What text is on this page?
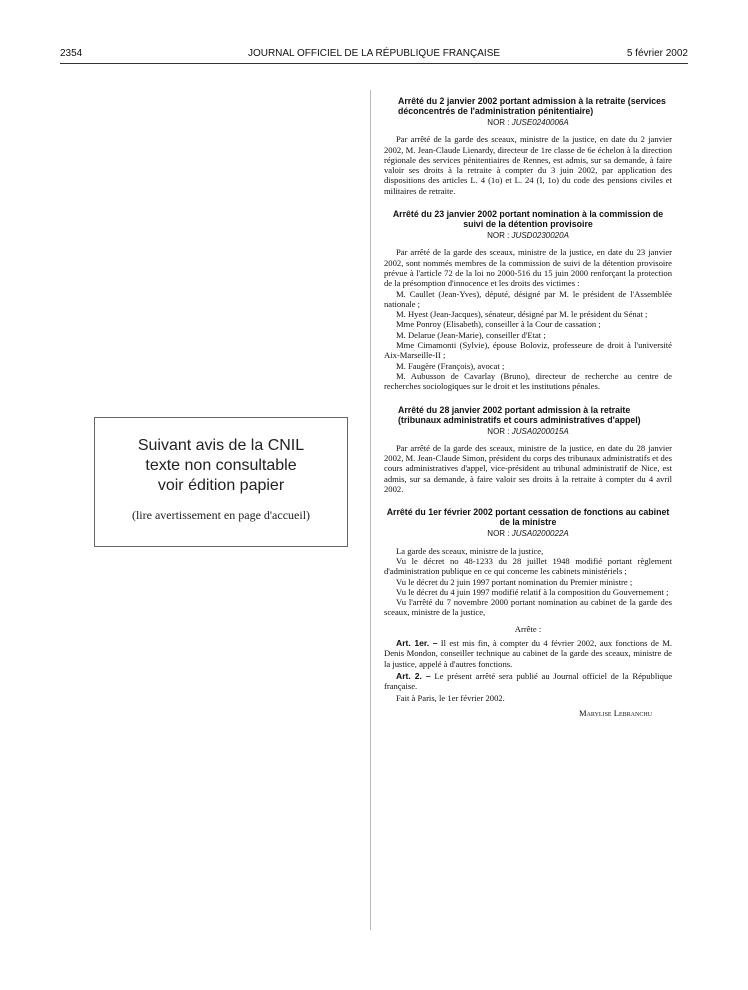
2354	JOURNAL OFFICIEL DE LA RÉPUBLIQUE FRANÇAISE	5 février 2002
Suivant avis de la CNIL
texte non consultable
voir édition papier
(lire avertissement en page d'accueil)
Arrêté du 2 janvier 2002 portant admission à la retraite (services déconcentrés de l'administration pénitentiaire)
NOR : JUSE0240006A

Par arrêté de la garde des sceaux, ministre de la justice, en date du 2 janvier 2002, M. Jean-Claude Lienardy, directeur de 1re classe de 6e échelon à la direction régionale des services pénitentiaires de Rennes, est admis, sur sa demande, à faire valoir ses droits à la retraite à compter du 3 juin 2002, par application des dispositions des articles L. 4 (1o) et L. 24 (I, 1o) du code des pensions civiles et militaires de retraite.

Arrêté du 23 janvier 2002 portant nomination à la commission de suivi de la détention provisoire
NOR : JUSD0230020A

Par arrêté de la garde des sceaux, ministre de la justice, en date du 23 janvier 2002, sont nommés membres de la commission de suivi de la détention provisoire prévue à l'article 72 de la loi no 2000-516 du 15 juin 2000 renforçant la protection de la présomption d'innocence et les droits des victimes :

M. Caullet (Jean-Yves), député, désigné par M. le président de l'Assemblée nationale ;

M. Hyest (Jean-Jacques), sénateur, désigné par M. le président du Sénat ;

Mme Ponroy (Elisabeth), conseiller à la Cour de cassation ;

M. Delarue (Jean-Marie), conseiller d'Etat ;

Mme Cimamonti (Sylvie), épouse Boloviz, professeure de droit à l'université Aix-Marseille-II ;

M. Faugère (François), avocat ;

M. Aubusson de Cavarlay (Bruno), directeur de recherche au centre de recherches sociologiques sur le droit et les institutions pénales.

Arrêté du 28 janvier 2002 portant admission à la retraite (tribunaux administratifs et cours administratives d'appel)
NOR : JUSA0200015A

Par arrêté de la garde des sceaux, ministre de la justice, en date du 28 janvier 2002, M. Jean-Claude Simon, président du corps des tribunaux administratifs et des cours administratives d'appel, vice-président au tribunal administratif de Nice, est admis, sur sa demande, à faire valoir ses droits à la retraite à compter du 4 avril 2002.

Arrêté du 1er février 2002 portant cessation de fonctions au cabinet de la ministre
NOR : JUSA0200022A

La garde des sceaux, ministre de la justice,

Vu le décret no 48-1233 du 28 juillet 1948 modifié portant règlement d'administration publique en ce qui concerne les cabinets ministériels ;

Vu le décret du 2 juin 1997 portant nomination du Premier ministre ;

Vu le décret du 4 juin 1997 modifié relatif à la composition du Gouvernement ;

Vu l'arrêté du 7 novembre 2000 portant nomination au cabinet de la garde des sceaux, ministre de la justice,

Arrête :

Art. 1er. – Il est mis fin, à compter du 4 février 2002, aux fonctions de M. Denis Mondon, conseiller technique au cabinet de la garde des sceaux, ministre de la justice, appelé à d'autres fonctions.

Art. 2. – Le présent arrêté sera publié au Journal officiel de la République française.

Fait à Paris, le 1er février 2002.

Marylise Lebranchu
